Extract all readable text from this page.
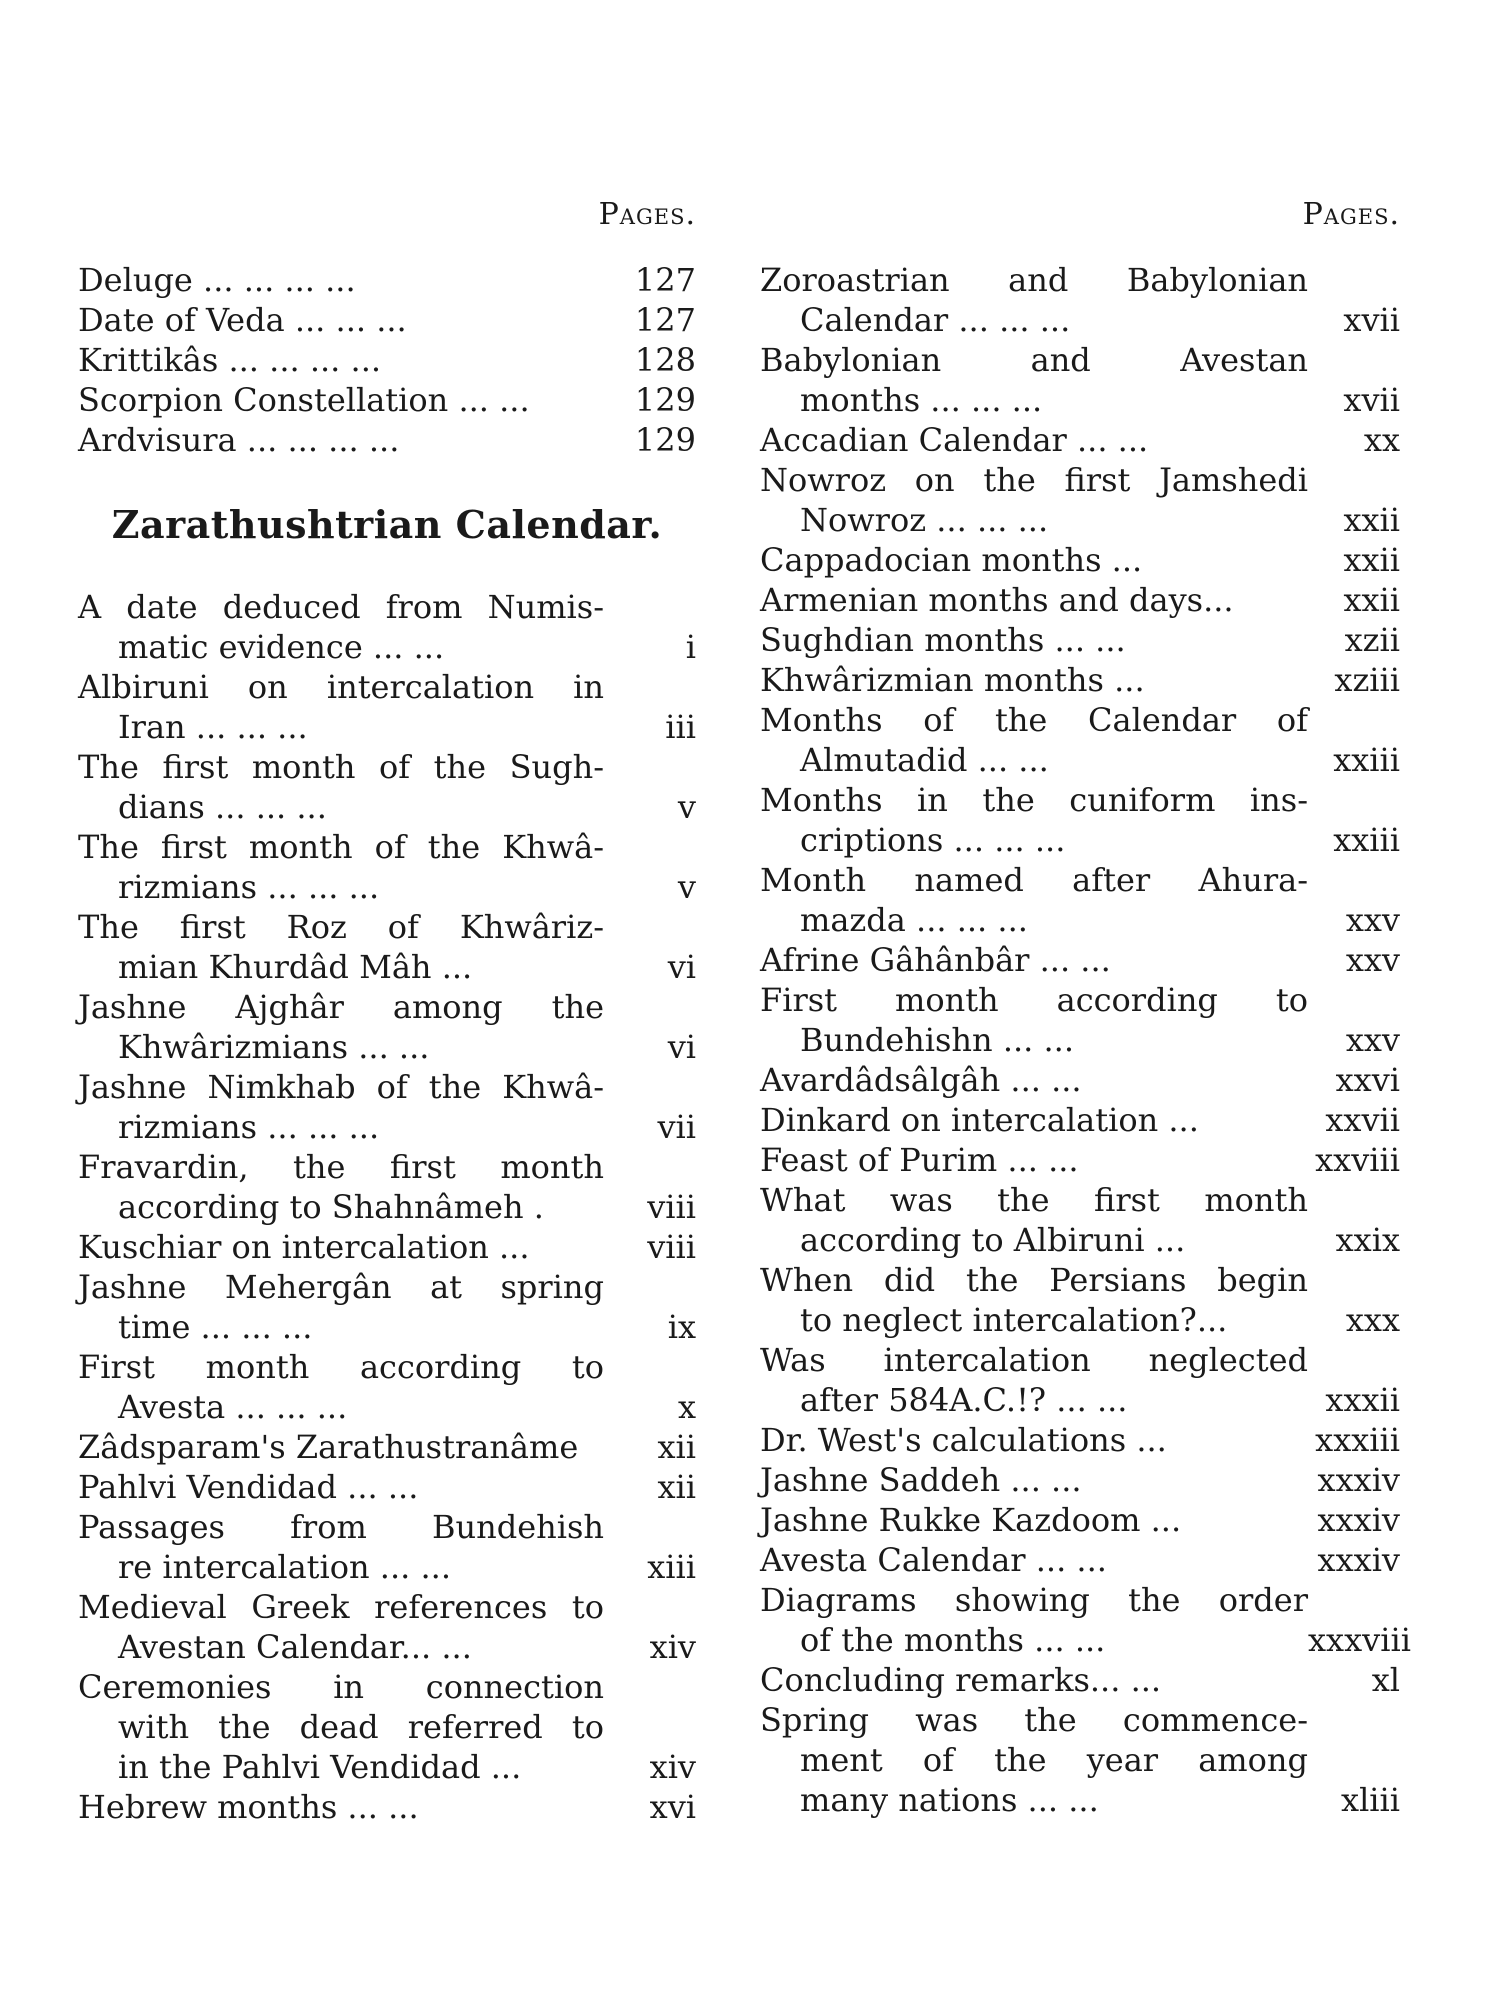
Pages.
Deluge ... ... ... ...	127
Date of Veda ... ... ...	127
Krittikâs ... ... ... ...	128
Scorpion Constellation ... ...	129
Ardvisura ... ... ... ...	129
Zarathushtrian Calendar.
A date deduced from Numis-
matic evidence ... ...	i
Albiruni on intercalation in
Iran ... ... ...	iii
The first month of the Sugh-
dians ... ... ...	v
The first month of the Khwâ-
rizmians ... ... ...	v
The first Roz of Khwâriz-
mian Khurdâd Mâh ...	vi
Jashne Ajghâr among the
Khwârizmians ... ...	vi
Jashne Nimkhab of the Khwâ-
rizmians ... ... ...	vii
Fravardin, the first month
according to Shahnâmeh .	viii
Kuschiar on intercalation ...	viii
Jashne Mehergân at spring
time ... ... ...	ix
First month according to
Avesta ... ... ...	x
Zâdsparam's Zarathustranâme	xii
Pahlvi Vendidad ... ...	xii
Passages from Bundehish
re intercalation ... ...	xiii
Medieval Greek references to
Avestan Calendar... ...	xiv
Ceremonies in connection
with the dead referred to
in the Pahlvi Vendidad ...	xiv
Hebrew months ... ...	xvi
Pages.
Zoroastrian and Babylonian
Calendar ... ... ...	xvii
Babylonian and Avestan
months ... ... ...	xvii
Accadian Calendar ... ...	xx
Nowroz on the first Jamshedi
Nowroz ... ... ...	xxii
Cappadocian months ...	xxii
Armenian months and days...	xxii
Sughdian months ... ...	xzii
Khwârizmian months ...	xziii
Months of the Calendar of
Almutadid ... ...	xxiii
Months in the cuniform ins-
criptions ... ... ...	xxiii
Month named after Ahura-
mazda ... ... ...	xxv
Afrine Gâhânbâr ... ...	xxv
First month according to
Bundehishn ... ...	xxv
Avardâdsâlgâh ... ...	xxvi
Dinkard on intercalation ...	xxvii
Feast of Purim ... ...	xxviii
What was the first month
according to Albiruni ...	xxix
When did the Persians begin
to neglect intercalation?...	xxx
Was intercalation neglected
after 584A.C.!? ... ...	xxxii
Dr. West's calculations ...	xxxiii
Jashne Saddeh ... ...	xxxiv
Jashne Rukke Kazdoom ...	xxxiv
Avesta Calendar ... ...	xxxiv
Diagrams showing the order
of the months ... ...	xxxviii
Concluding remarks... ...	xl
Spring was the commence-
ment of the year among
many nations ... ...	xliii
